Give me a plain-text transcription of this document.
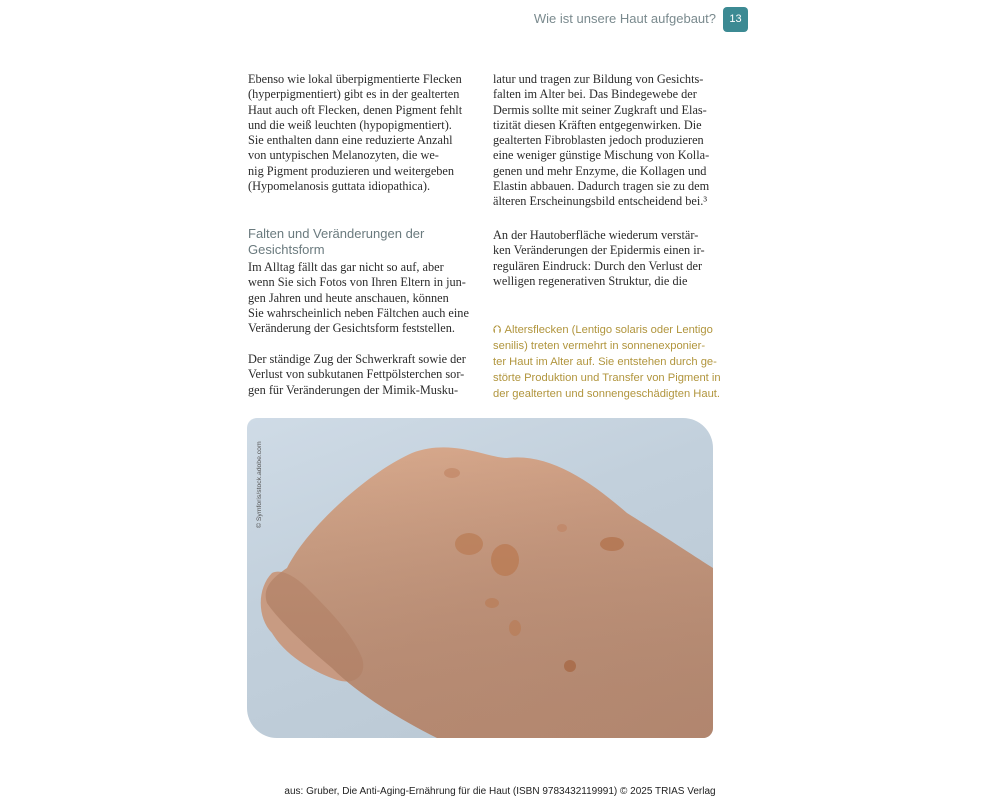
Wie ist unsere Haut aufgebaut?	13
Ebenso wie lokal überpigmentierte Flecken
(hyperpigmentiert) gibt es in der gealterten
Haut auch oft Flecken, denen Pigment fehlt
und die weiß leuchten (hypopigmentiert).
Sie enthalten dann eine reduzierte Anzahl
von untypischen Melanozyten, die we-
nig Pigment produzieren und weitergeben
(Hypomelanosis guttata idiopathica).
Falten und Veränderungen der
Gesichtsform
Im Alltag fällt das gar nicht so auf, aber
wenn Sie sich Fotos von Ihren Eltern in jun-
gen Jahren und heute anschauen, können
Sie wahrscheinlich neben Fältchen auch eine
Veränderung der Gesichtsform feststellen.
Der ständige Zug der Schwerkraft sowie der
Verlust von subkutanen Fettpölsterchen sor-
gen für Veränderungen der Mimik-Musku-
latur und tragen zur Bildung von Gesichts-
falten im Alter bei. Das Bindegewebe der
Dermis sollte mit seiner Zugkraft und Elas-
tizität diesen Kräften entgegenwirken. Die
gealterten Fibroblasten jedoch produzieren
eine weniger günstige Mischung von Kolla-
genen und mehr Enzyme, die Kollagen und
Elastin abbauen. Dadurch tragen sie zu dem
älteren Erscheinungsbild entscheidend bei.³
An der Hautoberfläche wiederum verstär-
ken Veränderungen der Epidermis einen ir-
regulären Eindruck: Durch den Verlust der
welligen regenerativen Struktur, die die
⮉ Altersflecken (Lentigo solaris oder Lentigo
senilis) treten vermehrt in sonnenexponier-
ter Haut im Alter auf. Sie entstehen durch ge-
störte Produktion und Transfer von Pigment in
der gealterten und sonnengeschädigten Haut.
© Symforis/stock.adobe.com
aus: Gruber, Die Anti-Aging-Ernährung für die Haut (ISBN 9783432119991) © 2025 TRIAS Verlag
